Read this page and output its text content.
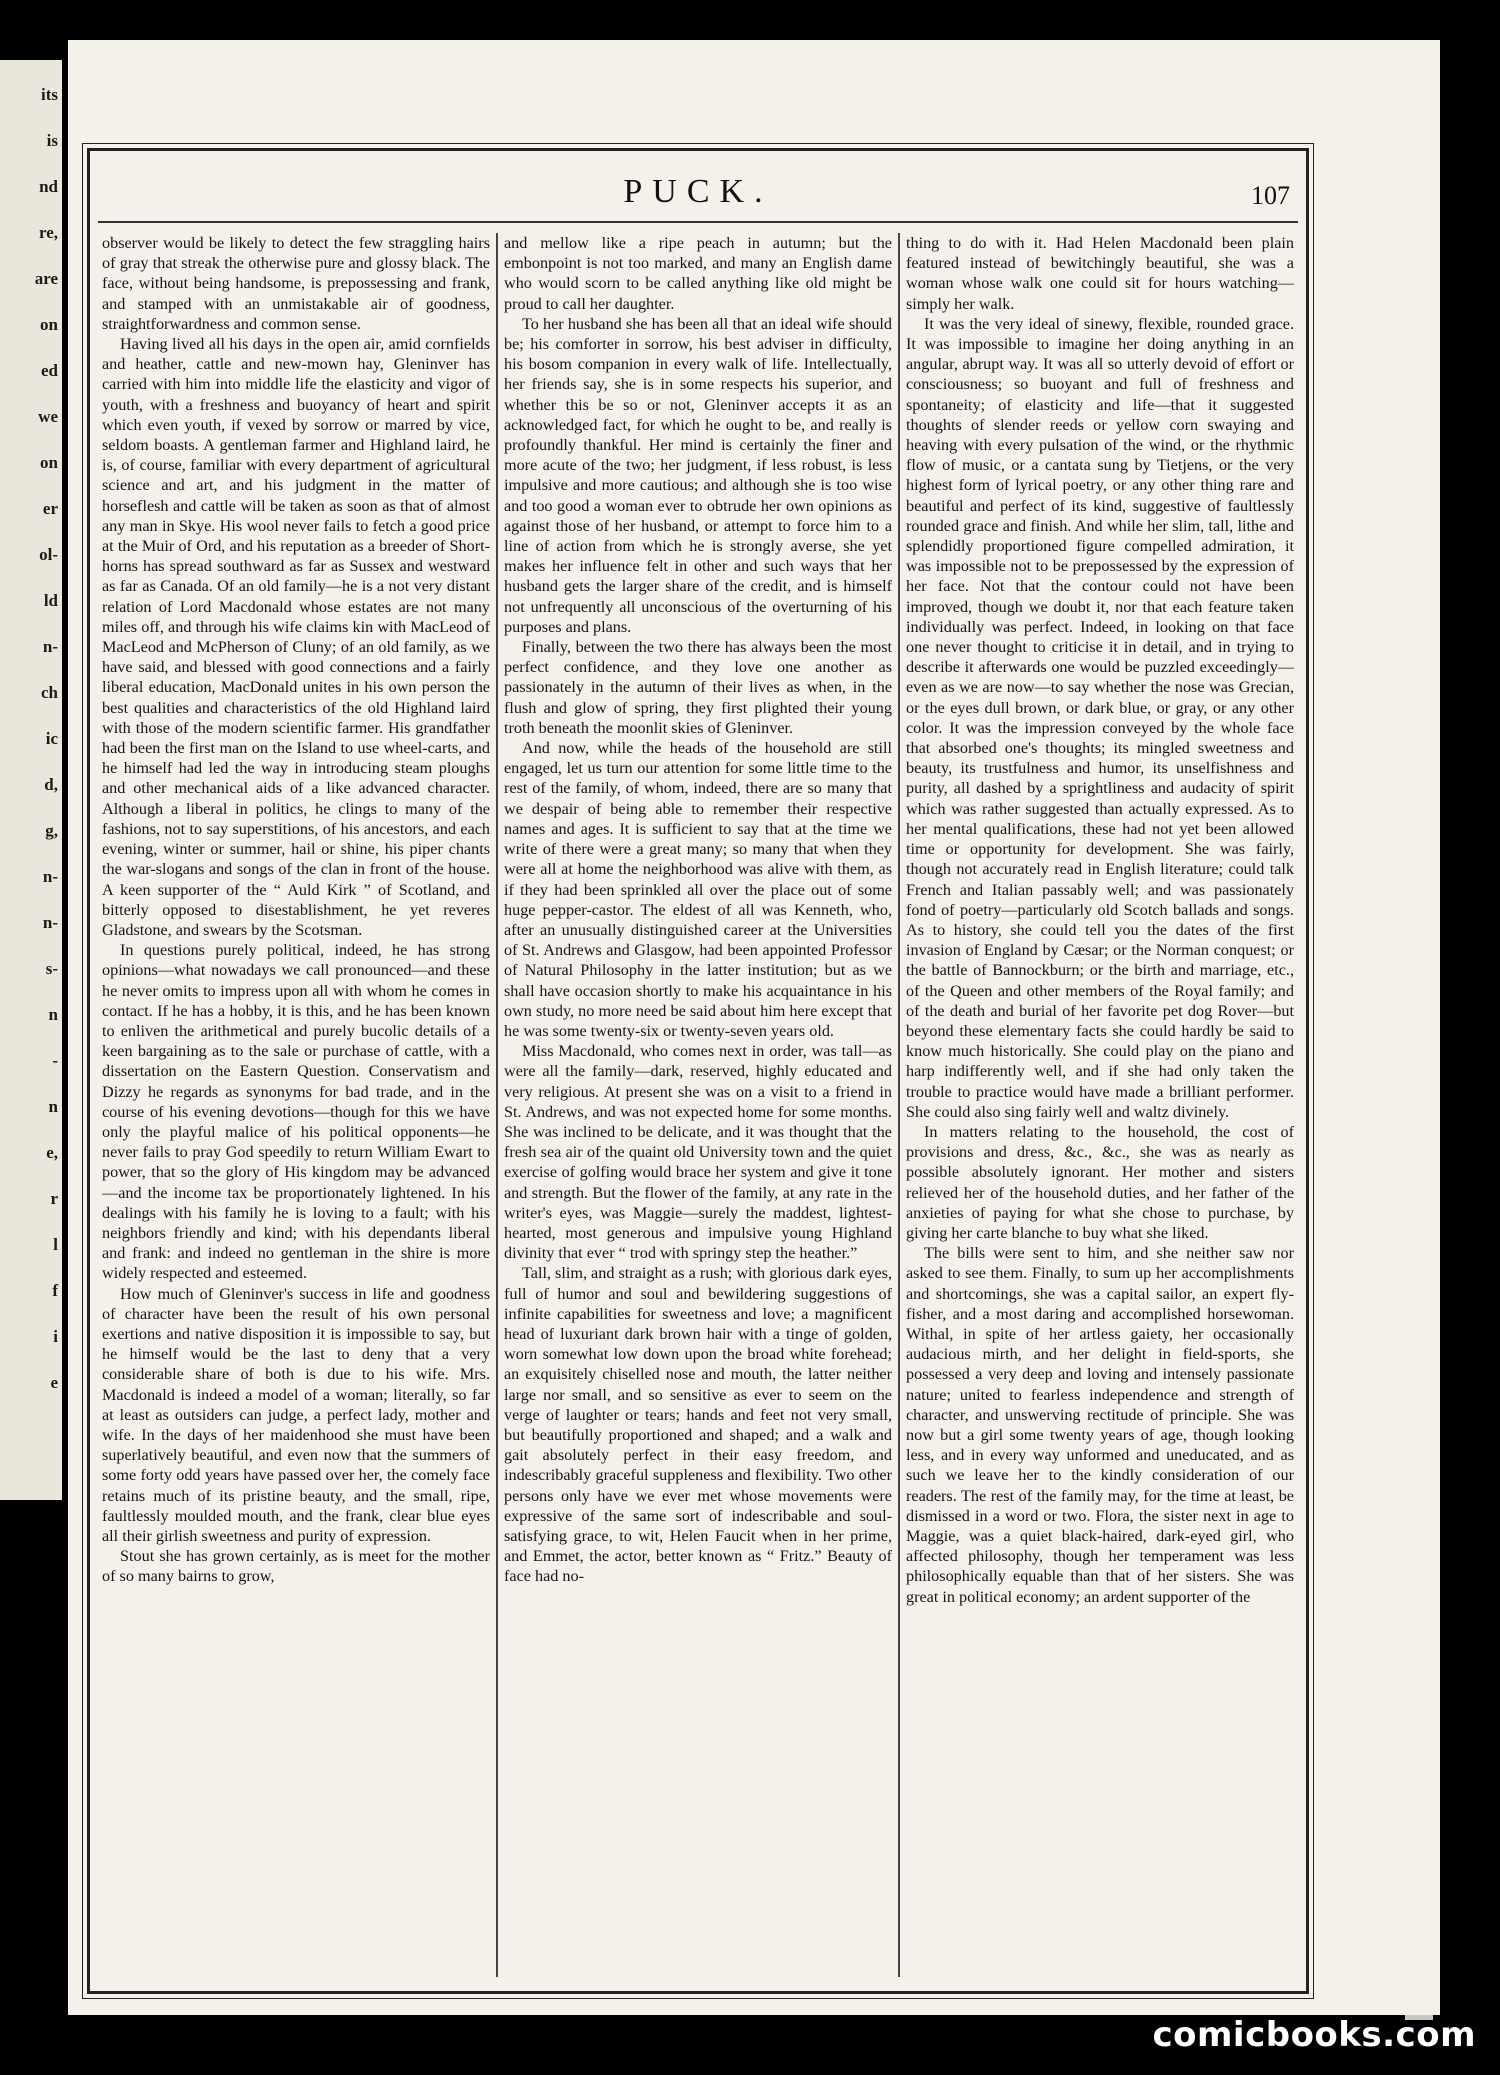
its
is
nd
re,
are
on
ed
we
on
er
ol-
ld
n-
ch
ic
d,
g,
n-
n-
s-
n
-
n
e,
r
l
f
i
e
PUCK.	107

observer would be likely to detect the few straggling hairs of gray that streak the otherwise pure and glossy black. The face, without being handsome, is prepossessing and frank, and stamped with an unmistakable air of goodness, straightforwardness and common sense.

Having lived all his days in the open air, amid cornfields and heather, cattle and new-mown hay, Gleninver has carried with him into middle life the elasticity and vigor of youth, with a freshness and buoyancy of heart and spirit which even youth, if vexed by sorrow or marred by vice, seldom boasts. A gentleman farmer and Highland laird, he is, of course, familiar with every department of agricultural science and art, and his judgment in the matter of horseflesh and cattle will be taken as soon as that of almost any man in Skye. His wool never fails to fetch a good price at the Muir of Ord, and his reputation as a breeder of Short-horns has spread southward as far as Sussex and westward as far as Canada. Of an old family—he is a not very distant relation of Lord Macdonald whose estates are not many miles off, and through his wife claims kin with MacLeod of MacLeod and McPherson of Cluny; of an old family, as we have said, and blessed with good connections and a fairly liberal education, MacDonald unites in his own person the best qualities and characteristics of the old Highland laird with those of the modern scientific farmer. His grandfather had been the first man on the Island to use wheel-carts, and he himself had led the way in introducing steam ploughs and other mechanical aids of a like advanced character. Although a liberal in politics, he clings to many of the fashions, not to say superstitions, of his ancestors, and each evening, winter or summer, hail or shine, his piper chants the war-slogans and songs of the clan in front of the house. A keen supporter of the “ Auld Kirk ” of Scotland, and bitterly opposed to disestablishment, he yet reveres Gladstone, and swears by the Scotsman.

In questions purely political, indeed, he has strong opinions—what nowadays we call pronounced—and these he never omits to impress upon all with whom he comes in contact. If he has a hobby, it is this, and he has been known to enliven the arithmetical and purely bucolic details of a keen bargaining as to the sale or purchase of cattle, with a dissertation on the Eastern Question. Conservatism and Dizzy he regards as synonyms for bad trade, and in the course of his evening devotions—though for this we have only the playful malice of his political opponents—he never fails to pray God speedily to return William Ewart to power, that so the glory of His kingdom may be advanced—and the income tax be proportionately lightened. In his dealings with his family he is loving to a fault; with his neighbors friendly and kind; with his dependants liberal and frank: and indeed no gentleman in the shire is more widely respected and esteemed.

How much of Gleninver's success in life and goodness of character have been the result of his own personal exertions and native disposition it is impossible to say, but he himself would be the last to deny that a very considerable share of both is due to his wife. Mrs. Macdonald is indeed a model of a woman; literally, so far at least as outsiders can judge, a perfect lady, mother and wife. In the days of her maidenhood she must have been superlatively beautiful, and even now that the summers of some forty odd years have passed over her, the comely face retains much of its pristine beauty, and the small, ripe, faultlessly moulded mouth, and the frank, clear blue eyes all their girlish sweetness and purity of expression.

Stout she has grown certainly, as is meet for the mother of so many bairns to grow,

and mellow like a ripe peach in autumn; but the embonpoint is not too marked, and many an English dame who would scorn to be called anything like old might be proud to call her daughter.

To her husband she has been all that an ideal wife should be; his comforter in sorrow, his best adviser in difficulty, his bosom companion in every walk of life. Intellectually, her friends say, she is in some respects his superior, and whether this be so or not, Gleninver accepts it as an acknowledged fact, for which he ought to be, and really is profoundly thankful. Her mind is certainly the finer and more acute of the two; her judgment, if less robust, is less impulsive and more cautious; and although she is too wise and too good a woman ever to obtrude her own opinions as against those of her husband, or attempt to force him to a line of action from which he is strongly averse, she yet makes her influence felt in other and such ways that her husband gets the larger share of the credit, and is himself not unfrequently all unconscious of the overturning of his purposes and plans.

Finally, between the two there has always been the most perfect confidence, and they love one another as passionately in the autumn of their lives as when, in the flush and glow of spring, they first plighted their young troth beneath the moonlit skies of Gleninver.

And now, while the heads of the household are still engaged, let us turn our attention for some little time to the rest of the family, of whom, indeed, there are so many that we despair of being able to remember their respective names and ages. It is sufficient to say that at the time we write of there were a great many; so many that when they were all at home the neighborhood was alive with them, as if they had been sprinkled all over the place out of some huge pepper-castor. The eldest of all was Kenneth, who, after an unusually distinguished career at the Universities of St. Andrews and Glasgow, had been appointed Professor of Natural Philosophy in the latter institution; but as we shall have occasion shortly to make his acquaintance in his own study, no more need be said about him here except that he was some twenty-six or twenty-seven years old.

Miss Macdonald, who comes next in order, was tall—as were all the family—dark, reserved, highly educated and very religious. At present she was on a visit to a friend in St. Andrews, and was not expected home for some months. She was inclined to be delicate, and it was thought that the fresh sea air of the quaint old University town and the quiet exercise of golfing would brace her system and give it tone and strength. But the flower of the family, at any rate in the writer's eyes, was Maggie—surely the maddest, lightest-hearted, most generous and impulsive young Highland divinity that ever “ trod with springy step the heather.”

Tall, slim, and straight as a rush; with glorious dark eyes, full of humor and soul and bewildering suggestions of infinite capabilities for sweetness and love; a magnificent head of luxuriant dark brown hair with a tinge of golden, worn somewhat low down upon the broad white forehead; an exquisitely chiselled nose and mouth, the latter neither large nor small, and so sensitive as ever to seem on the verge of laughter or tears; hands and feet not very small, but beautifully proportioned and shaped; and a walk and gait absolutely perfect in their easy freedom, and indescribably graceful suppleness and flexibility. Two other persons only have we ever met whose movements were expressive of the same sort of indescribable and soul-satisfying grace, to wit, Helen Faucit when in her prime, and Emmet, the actor, better known as “ Fritz.” Beauty of face had no-

thing to do with it. Had Helen Macdonald been plain featured instead of bewitchingly beautiful, she was a woman whose walk one could sit for hours watching—simply her walk.

It was the very ideal of sinewy, flexible, rounded grace. It was impossible to imagine her doing anything in an angular, abrupt way. It was all so utterly devoid of effort or consciousness; so buoyant and full of freshness and spontaneity; of elasticity and life—that it suggested thoughts of slender reeds or yellow corn swaying and heaving with every pulsation of the wind, or the rhythmic flow of music, or a cantata sung by Tietjens, or the very highest form of lyrical poetry, or any other thing rare and beautiful and perfect of its kind, suggestive of faultlessly rounded grace and finish. And while her slim, tall, lithe and splendidly proportioned figure compelled admiration, it was impossible not to be prepossessed by the expression of her face. Not that the contour could not have been improved, though we doubt it, nor that each feature taken individually was perfect. Indeed, in looking on that face one never thought to criticise it in detail, and in trying to describe it afterwards one would be puzzled exceedingly—even as we are now—to say whether the nose was Grecian, or the eyes dull brown, or dark blue, or gray, or any other color. It was the impression conveyed by the whole face that absorbed one's thoughts; its mingled sweetness and beauty, its trustfulness and humor, its unselfishness and purity, all dashed by a sprightliness and audacity of spirit which was rather suggested than actually expressed. As to her mental qualifications, these had not yet been allowed time or opportunity for development. She was fairly, though not accurately read in English literature; could talk French and Italian passably well; and was passionately fond of poetry—particularly old Scotch ballads and songs. As to history, she could tell you the dates of the first invasion of England by Cæsar; or the Norman conquest; or the battle of Bannockburn; or the birth and marriage, etc., of the Queen and other members of the Royal family; and of the death and burial of her favorite pet dog Rover—but beyond these elementary facts she could hardly be said to know much historically. She could play on the piano and harp indifferently well, and if she had only taken the trouble to practice would have made a brilliant performer. She could also sing fairly well and waltz divinely.

In matters relating to the household, the cost of provisions and dress, &c., &c., she was as nearly as possible absolutely ignorant. Her mother and sisters relieved her of the household duties, and her father of the anxieties of paying for what she chose to purchase, by giving her carte blanche to buy what she liked.

The bills were sent to him, and she neither saw nor asked to see them. Finally, to sum up her accomplishments and shortcomings, she was a capital sailor, an expert fly-fisher, and a most daring and accomplished horsewoman. Withal, in spite of her artless gaiety, her occasionally audacious mirth, and her delight in field-sports, she possessed a very deep and loving and intensely passionate nature; united to fearless independence and strength of character, and unswerving rectitude of principle. She was now but a girl some twenty years of age, though looking less, and in every way unformed and uneducated, and as such we leave her to the kindly consideration of our readers. The rest of the family may, for the time at least, be dismissed in a word or two. Flora, the sister next in age to Maggie, was a quiet black-haired, dark-eyed girl, who affected philosophy, though her temperament was less philosophically equable than that of her sisters. She was great in political economy; an ardent supporter of the

comicbooks.com
